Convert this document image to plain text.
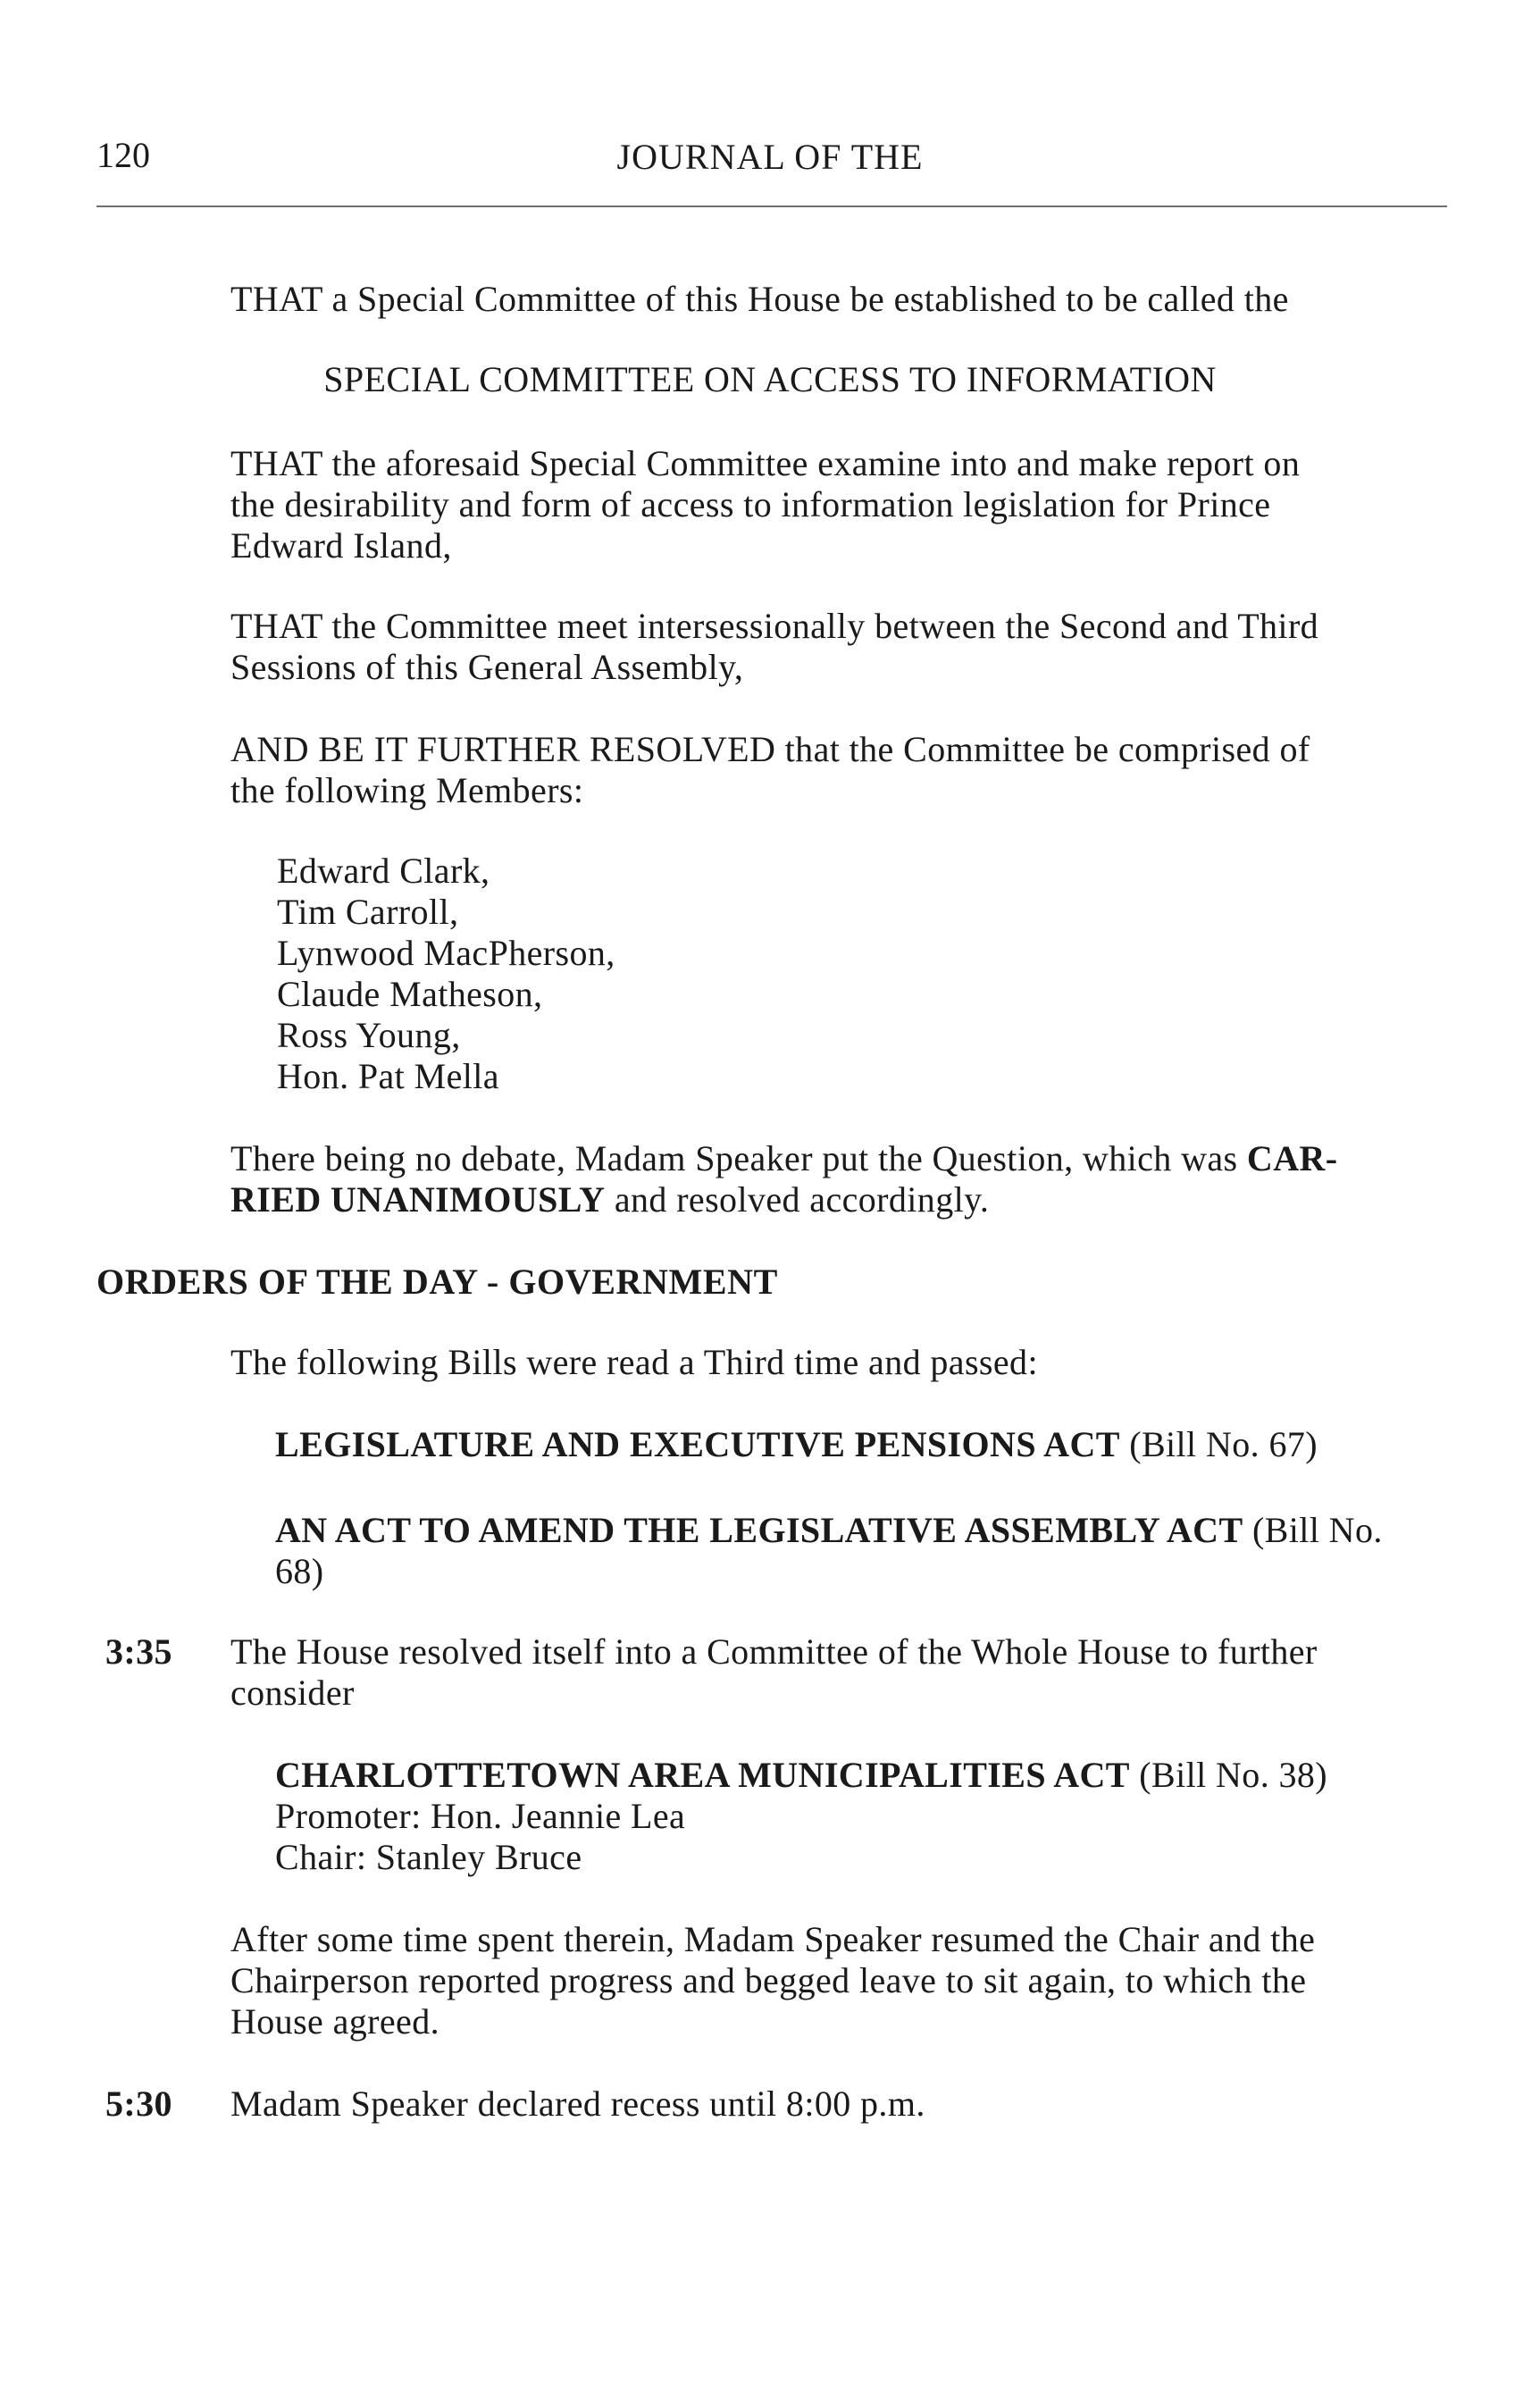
120	JOURNAL OF THE
THAT a Special Committee of this House be established to be called the
SPECIAL COMMITTEE ON ACCESS TO INFORMATION
THAT the aforesaid Special Committee examine into and make report on
the desirability and form of access to information legislation for Prince
Edward Island,
THAT the Committee meet intersessionally between the Second and Third
Sessions of this General Assembly,
AND BE IT FURTHER RESOLVED that the Committee be comprised of
the following Members:
Edward Clark,
Tim Carroll,
Lynwood MacPherson,
Claude Matheson,
Ross Young,
Hon. Pat Mella
There being no debate, Madam Speaker put the Question, which was CAR-
RIED UNANIMOUSLY and resolved accordingly.
ORDERS OF THE DAY - GOVERNMENT
The following Bills were read a Third time and passed:
LEGISLATURE AND EXECUTIVE PENSIONS ACT (Bill No. 67)
AN ACT TO AMEND THE LEGISLATIVE ASSEMBLY ACT (Bill No.
68)
3:35 The House resolved itself into a Committee of the Whole House to further
consider
CHARLOTTETOWN AREA MUNICIPALITIES ACT (Bill No. 38)
Promoter: Hon. Jeannie Lea
Chair: Stanley Bruce
After some time spent therein, Madam Speaker resumed the Chair and the
Chairperson reported progress and begged leave to sit again, to which the
House agreed.
5:30 Madam Speaker declared recess until 8:00 p.m.
